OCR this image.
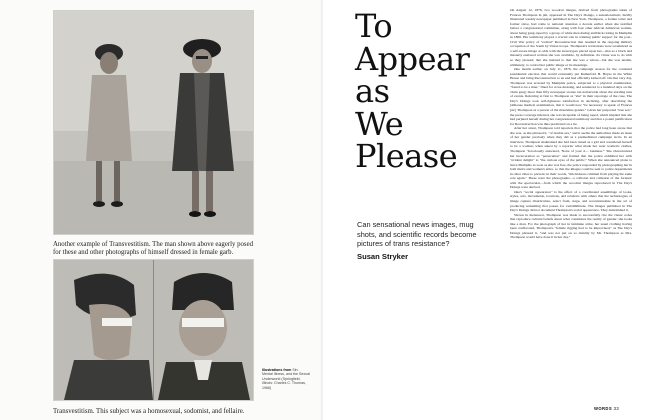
Another example of Transvestitism. The man shown above eagerly posed for these and other photographs of himself dressed in female garb.

Transvestitism. This subject was a homosexual, sodomist, and fellaire.

Illustrations from Sin: Mental Illness, and the Sexual Underworld (Springfield, Illinois: Charles C. Thomas, 1966)
To
Appear
as
We
Please

Can sensational news images, mug shots, and scientific records become pictures of trans resistance?

Susan Stryker

On August 12, 1876, two woodcut images, derived from photographs taken of Frances Thompson in jail, appeared in The Day's Doings, a sensationalistic, luridly illustrated weekly newspaper published in New York. Thompson, a former toiler and former slave, had come to national attention a decade earlier when she testified before a congressional committee, along with four other African American women, about being gang-raped by a group of white men during antiblack rioting in Memphis in 1866. Her testimony played a crucial role in winning public support for the post–Civil War policy of "radical" Reconstruction that resulted in the ongoing military occupation of the South by Union troops. Thompson's revelations were scrutinized as a self-aware image at odds with the stereotypes placed upon her—that as a black and masterly enslaved woman she was available, by definition. Its virtue was to do with so they pleased; that she insisted to that she was a whore—but she was unable, ultimately, to control her public image or its meanings.

One month earlier, on July 11, 1876, the campaign season for the contested presidential election that would eventually put Rutherford B. Hayes in the White House and bring Reconstruction to an end had officially kicked off. On that very day, Thompson was arrested by Memphis police, subjected to a physical examination, "found to be a man," fined for cross-dressing, and sentenced to a hundred days on the chain gang; more than fifty newspaper stories ran nationwide about the startling turn of events. Referring at first to Thompson as "she" in their reportage of the case, The Day's Doings took self-righteous satisfaction in declaring, after describing the jailhouse medical examination, that it would now "be necessary to speak of Frances [sic] Thompson as a person of the masculine gender." Given her purported "true sex," the press coverage inferred, she was incapable of being raped, which implied that she had perjured herself during her congressional testimony and that a potent justification for Reconstruction was thus predicated on a lie.

After her arrest, Thompson told reporters that the police had long been aware that she was, as she phrased it, "of double sex," and it seems the authorities made an issue of her gender precisely when they did as a premeditated campaign tactic. In an interview, Thompson maintained she had been raised as a girl and considered herself to be a woman; when asked by a reporter what made her wear women's clothes, Thompson "ferociously answered, 'None of your d— business.'" She characterized her incarceration as "persecution" and framed that the police exhibited her with "evident delight" to "the curious eyes of the public." When she announced plans to leave Memphis as soon as she was free, the police responded by photographing her in both men's and women's attire, so that the images could be sent to police departments in other cities to prevent, in their words, "this hideous criminal from playing the same role again." These were the photographs—a collision and collusion of the forensic with the spectacular—from which the woodcut images reproduced in The Day's Doings were derived.

One's "social appearance" is the effect of a coordinated assemblage of looks, styles, acts, movements, locations, and relations with others that the technologies of image capture disarticulate, select from, stage, and recontextualize in the act of producing something that passes for verisimilitude. The images published in The Day's Doings did not document Thompson's social appearance. They demolished it.

Shown in menswear, Thompson was made to successfully cite the visual codes that reproduce cultural beliefs about what constitutes the reality of gender: she looks like a man. For the photograph of her in feminine attire, her usual clothing having been confiscated, Thompson's "female rigging had to be improvised," as The Day's Doings phrased it, "and was not put on so daintily by Mr. Thompson as Mrs. Thompson would have done it in her day."

WORDS 33
